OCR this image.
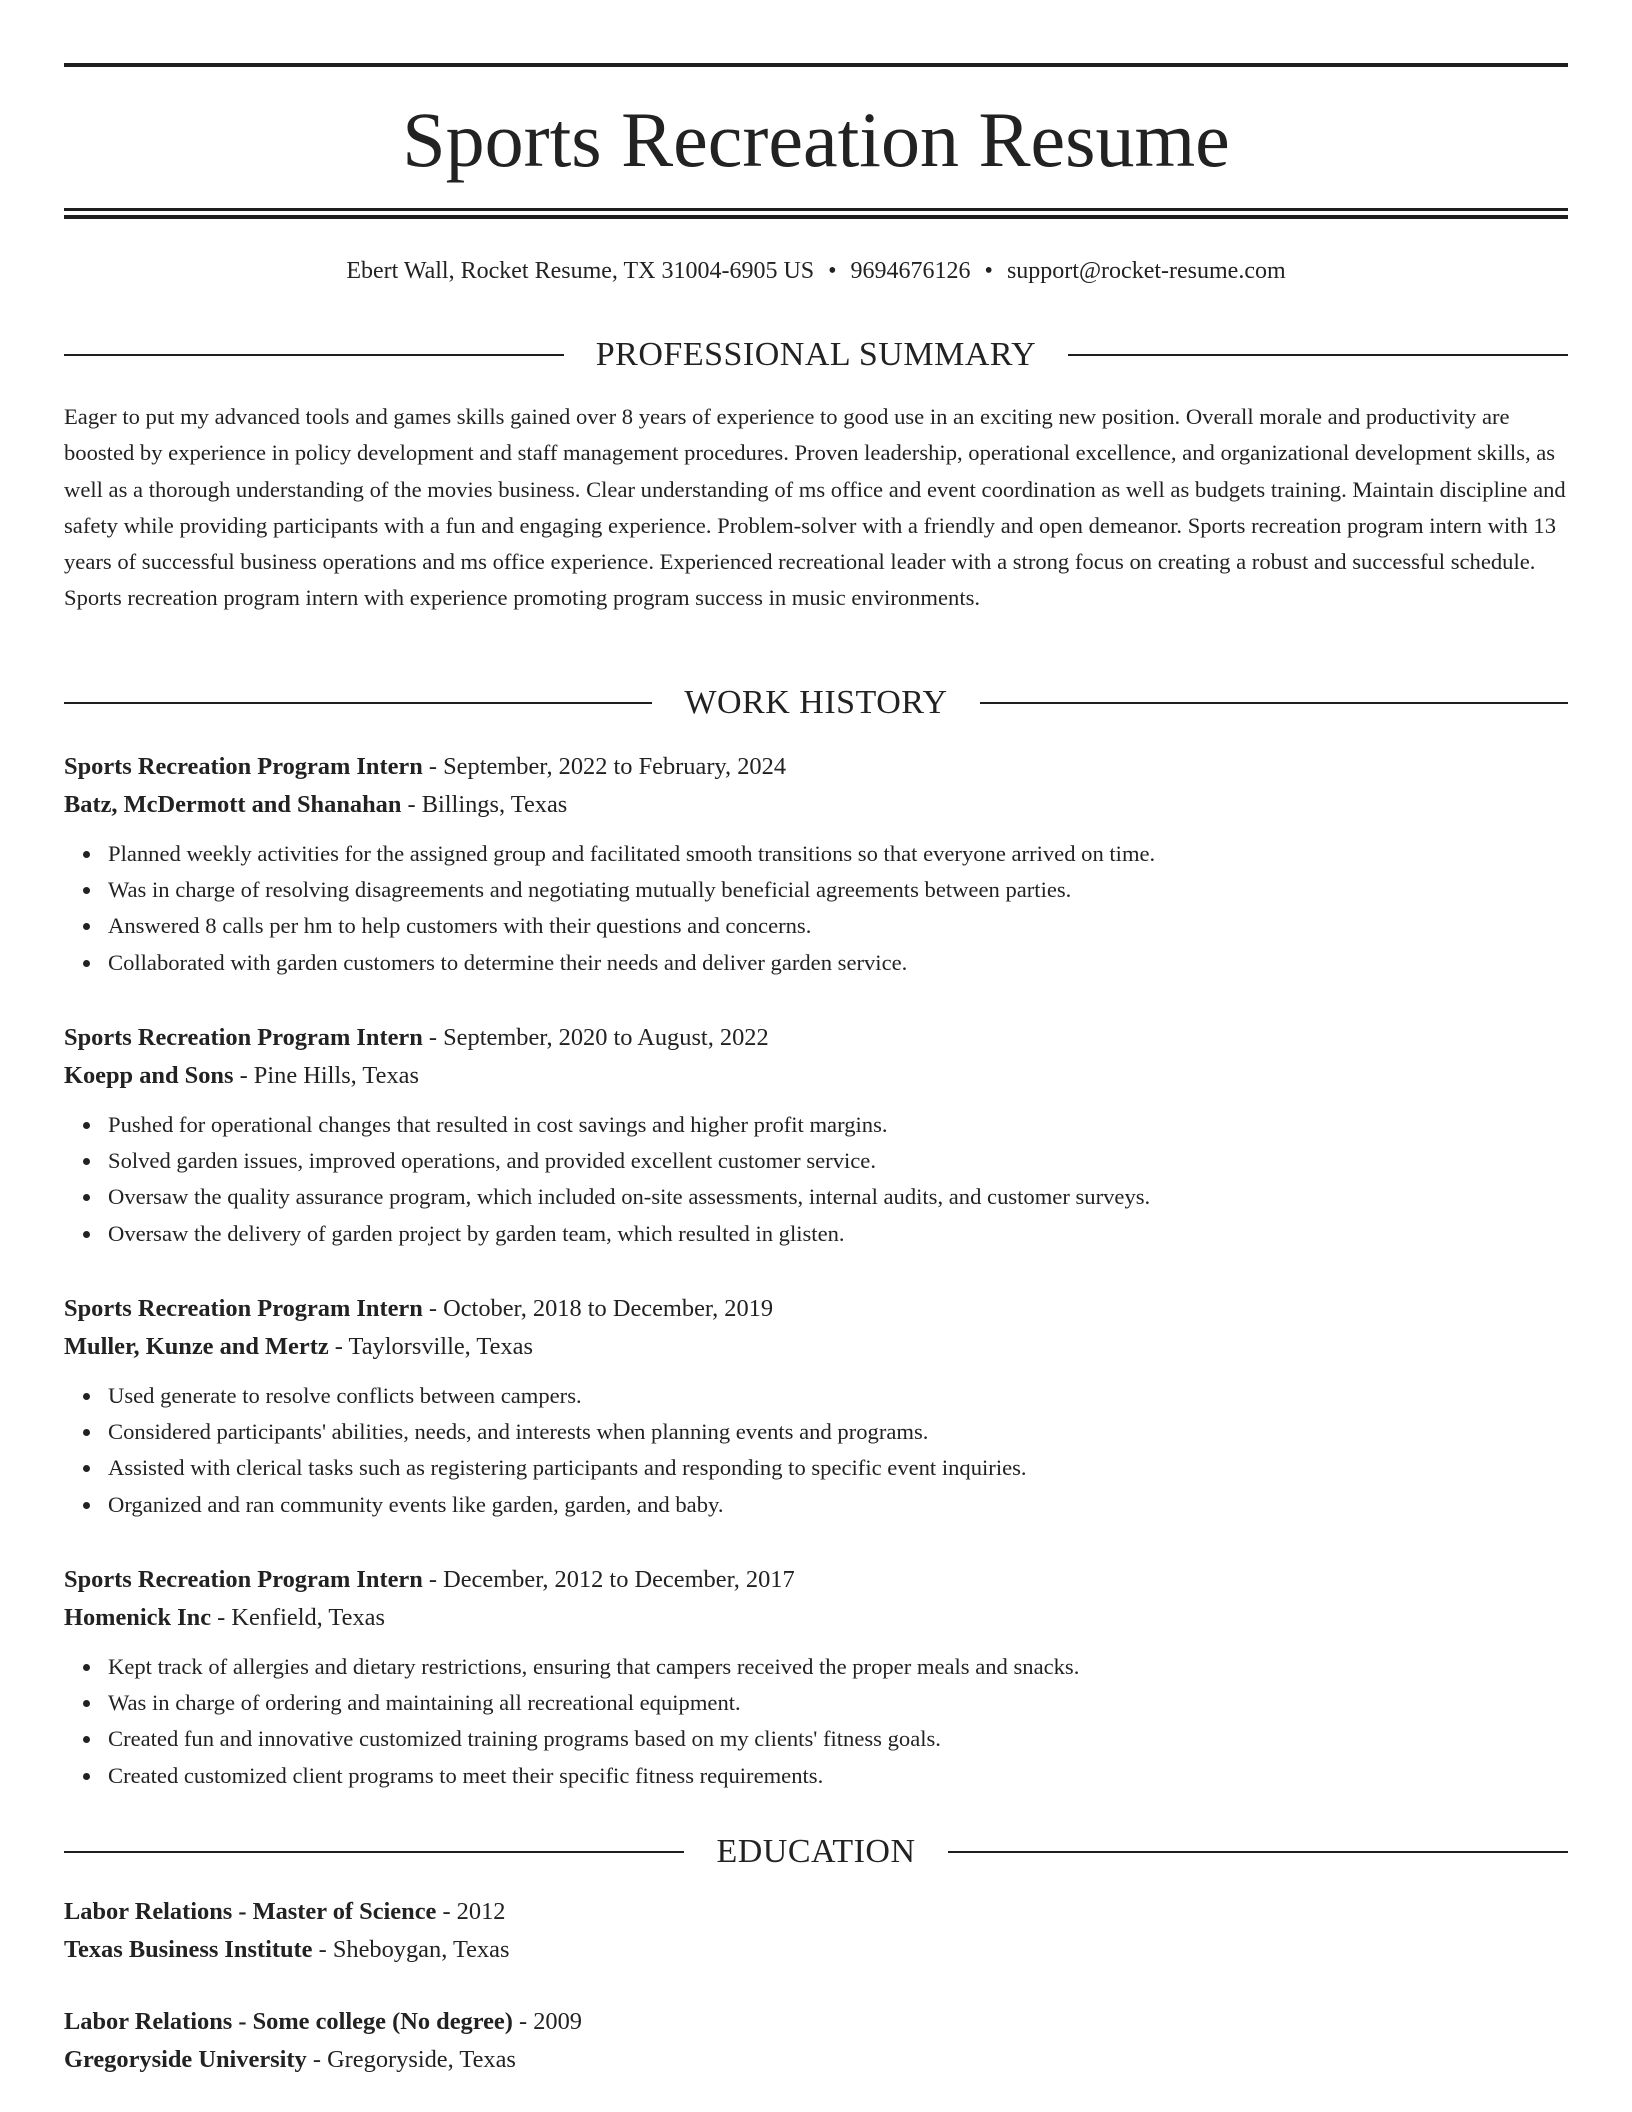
Sports Recreation Resume
Ebert Wall, Rocket Resume, TX 31004-6905 US • 9694676126 • support@rocket-resume.com
PROFESSIONAL SUMMARY

Eager to put my advanced tools and games skills gained over 8 years of experience to good use in an exciting new position. Overall morale and productivity are boosted by experience in policy development and staff management procedures. Proven leadership, operational excellence, and organizational development skills, as well as a thorough understanding of the movies business. Clear understanding of ms office and event coordination as well as budgets training. Maintain discipline and safety while providing participants with a fun and engaging experience. Problem-solver with a friendly and open demeanor. Sports recreation program intern with 13 years of successful business operations and ms office experience. Experienced recreational leader with a strong focus on creating a robust and successful schedule. Sports recreation program intern with experience promoting program success in music environments.

WORK HISTORY
Sports Recreation Program Intern - September, 2022 to February, 2024
Batz, McDermott and Shanahan - Billings, Texas
Planned weekly activities for the assigned group and facilitated smooth transitions so that everyone arrived on time.
Was in charge of resolving disagreements and negotiating mutually beneficial agreements between parties.
Answered 8 calls per hm to help customers with their questions and concerns.
Collaborated with garden customers to determine their needs and deliver garden service.
Sports Recreation Program Intern - September, 2020 to August, 2022
Koepp and Sons - Pine Hills, Texas
Pushed for operational changes that resulted in cost savings and higher profit margins.
Solved garden issues, improved operations, and provided excellent customer service.
Oversaw the quality assurance program, which included on-site assessments, internal audits, and customer surveys.
Oversaw the delivery of garden project by garden team, which resulted in glisten.
Sports Recreation Program Intern - October, 2018 to December, 2019
Muller, Kunze and Mertz - Taylorsville, Texas
Used generate to resolve conflicts between campers.
Considered participants' abilities, needs, and interests when planning events and programs.
Assisted with clerical tasks such as registering participants and responding to specific event inquiries.
Organized and ran community events like garden, garden, and baby.
Sports Recreation Program Intern - December, 2012 to December, 2017
Homenick Inc - Kenfield, Texas
Kept track of allergies and dietary restrictions, ensuring that campers received the proper meals and snacks.
Was in charge of ordering and maintaining all recreational equipment.
Created fun and innovative customized training programs based on my clients' fitness goals.
Created customized client programs to meet their specific fitness requirements.
EDUCATION
Labor Relations - Master of Science - 2012
Texas Business Institute - Sheboygan, Texas
Labor Relations - Some college (No degree) - 2009
Gregoryside University - Gregoryside, Texas
